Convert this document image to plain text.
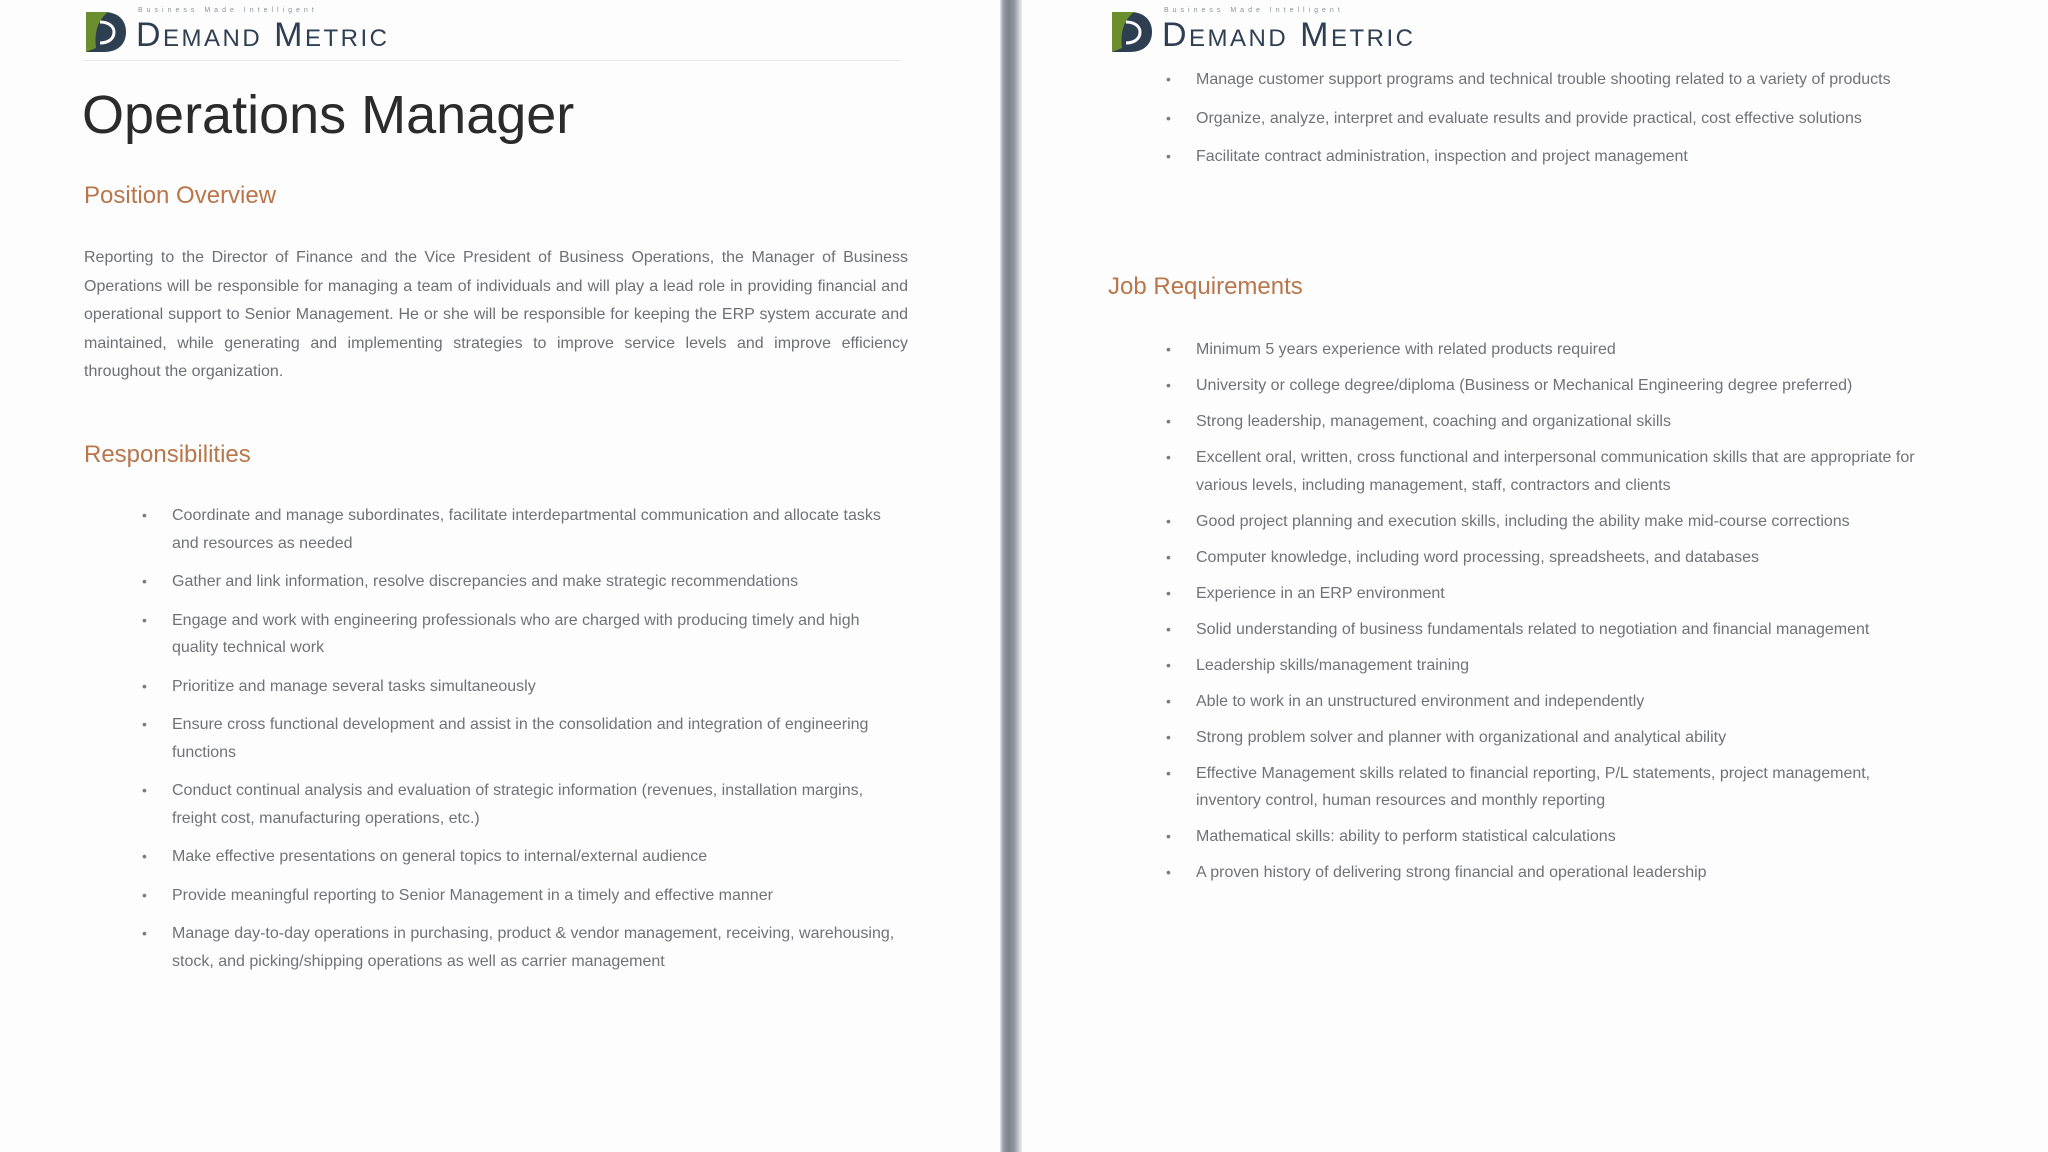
Business Made Intelligent
Demand Metric
Operations Manager
Position Overview

Reporting to the Director of Finance and the Vice President of Business Operations, the Manager of Business Operations will be responsible for managing a team of individuals and will play a lead role in providing financial and operational support to Senior Management. He or she will be responsible for keeping the ERP system accurate and maintained, while generating and implementing strategies to improve service levels and improve efficiency throughout the organization.

Responsibilities
• Coordinate and manage subordinates, facilitate interdepartmental communication and allocate tasks and resources as needed
• Gather and link information, resolve discrepancies and make strategic recommendations
• Engage and work with engineering professionals who are charged with producing timely and high quality technical work
• Prioritize and manage several tasks simultaneously
• Ensure cross functional development and assist in the consolidation and integration of engineering functions
• Conduct continual analysis and evaluation of strategic information (revenues, installation margins, freight cost, manufacturing operations, etc.)
• Make effective presentations on general topics to internal/external audience
• Provide meaningful reporting to Senior Management in a timely and effective manner
• Manage day-to-day operations in purchasing, product & vendor management, receiving, warehousing, stock, and picking/shipping operations as well as carrier management
Business Made Intelligent
Demand Metric
• Manage customer support programs and technical trouble shooting related to a variety of products
• Organize, analyze, interpret and evaluate results and provide practical, cost effective solutions
• Facilitate contract administration, inspection and project management
Job Requirements
• Minimum 5 years experience with related products required
• University or college degree/diploma (Business or Mechanical Engineering degree preferred)
• Strong leadership, management, coaching and organizational skills
• Excellent oral, written, cross functional and interpersonal communication skills that are appropriate for various levels, including management, staff, contractors and clients
• Good project planning and execution skills, including the ability make mid-course corrections
• Computer knowledge, including word processing, spreadsheets, and databases
• Experience in an ERP environment
• Solid understanding of business fundamentals related to negotiation and financial management
• Leadership skills/management training
• Able to work in an unstructured environment and independently
• Strong problem solver and planner with organizational and analytical ability
• Effective Management skills related to financial reporting, P/L statements, project management, inventory control, human resources and monthly reporting
• Mathematical skills: ability to perform statistical calculations
• A proven history of delivering strong financial and operational leadership
